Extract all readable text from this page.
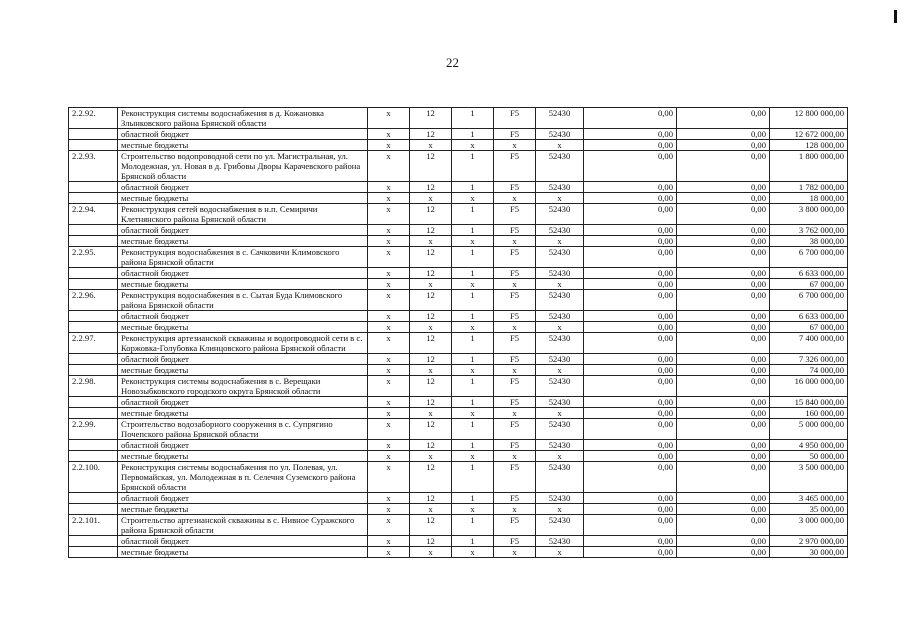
22
2.2.92.	Реконструкция системы водоснабжения в д. Кожановка Злынковского района Брянской области	x	12	1	F5	52430	0,00	0,00	12 800 000,00
	областной бюджет	x	12	1	F5	52430	0,00	0,00	12 672 000,00
	местные бюджеты	x	x	x	x	x	0,00	0,00	128 000,00
2.2.93.	Строительство водопроводной сети по ул. Магистральная, ул. Молодежная, ул. Новая в д. Грибовы Дворы Карачевского района Брянской области	x	12	1	F5	52430	0,00	0,00	1 800 000,00
	областной бюджет	x	12	1	F5	52430	0,00	0,00	1 782 000,00
	местные бюджеты	x	x	x	x	x	0,00	0,00	18 000,00
2.2.94.	Реконструкция сетей водоснабжения в н.п. Семиричи Клетнянского района Брянской области	x	12	1	F5	52430	0,00	0,00	3 800 000,00
	областной бюджет	x	12	1	F5	52430	0,00	0,00	3 762 000,00
	местные бюджеты	x	x	x	x	x	0,00	0,00	38 000,00
2.2.95.	Реконструкция водоснабжения в с. Сачковичи Климовского района Брянской области	x	12	1	F5	52430	0,00	0,00	6 700 000,00
	областной бюджет	x	12	1	F5	52430	0,00	0,00	6 633 000,00
	местные бюджеты	x	x	x	x	x	0,00	0,00	67 000,00
2.2.96.	Реконструкция водоснабжения в с. Сытая Буда Климовского района Брянской области	x	12	1	F5	52430	0,00	0,00	6 700 000,00
	областной бюджет	x	12	1	F5	52430	0,00	0,00	6 633 000,00
	местные бюджеты	x	x	x	x	x	0,00	0,00	67 000,00
2.2.97.	Реконструкция артезианской скважины и водопроводной сети в с. Коржовка-Голубовка Клинцовского района Брянской области	x	12	1	F5	52430	0,00	0,00	7 400 000,00
	областной бюджет	x	12	1	F5	52430	0,00	0,00	7 326 000,00
	местные бюджеты	x	x	x	x	x	0,00	0,00	74 000,00
2.2.98.	Реконструкция системы водоснабжения в с. Верещаки Новозыбковского городского округа Брянской области	x	12	1	F5	52430	0,00	0,00	16 000 000,00
	областной бюджет	x	12	1	F5	52430	0,00	0,00	15 840 000,00
	местные бюджеты	x	x	x	x	x	0,00	0,00	160 000,00
2.2.99.	Строительство водозаборного сооружения в с. Супрягино Почепского района Брянской области	x	12	1	F5	52430	0,00	0,00	5 000 000,00
	областной бюджет	x	12	1	F5	52430	0,00	0,00	4 950 000,00
	местные бюджеты	x	x	x	x	x	0,00	0,00	50 000,00
2.2.100.	Реконструкция системы водоснабжения по ул. Полевая, ул. Первомайская, ул. Молодежная в п. Селечня Суземского района Брянской области	x	12	1	F5	52430	0,00	0,00	3 500 000,00
	областной бюджет	x	12	1	F5	52430	0,00	0,00	3 465 000,00
	местные бюджеты	x	x	x	x	x	0,00	0,00	35 000,00
2.2.101.	Строительство артезианской скважины в с. Нивное Суражского района Брянской области	x	12	1	F5	52430	0,00	0,00	3 000 000,00
	областной бюджет	x	12	1	F5	52430	0,00	0,00	2 970 000,00
	местные бюджеты	x	x	x	x	x	0,00	0,00	30 000,00
